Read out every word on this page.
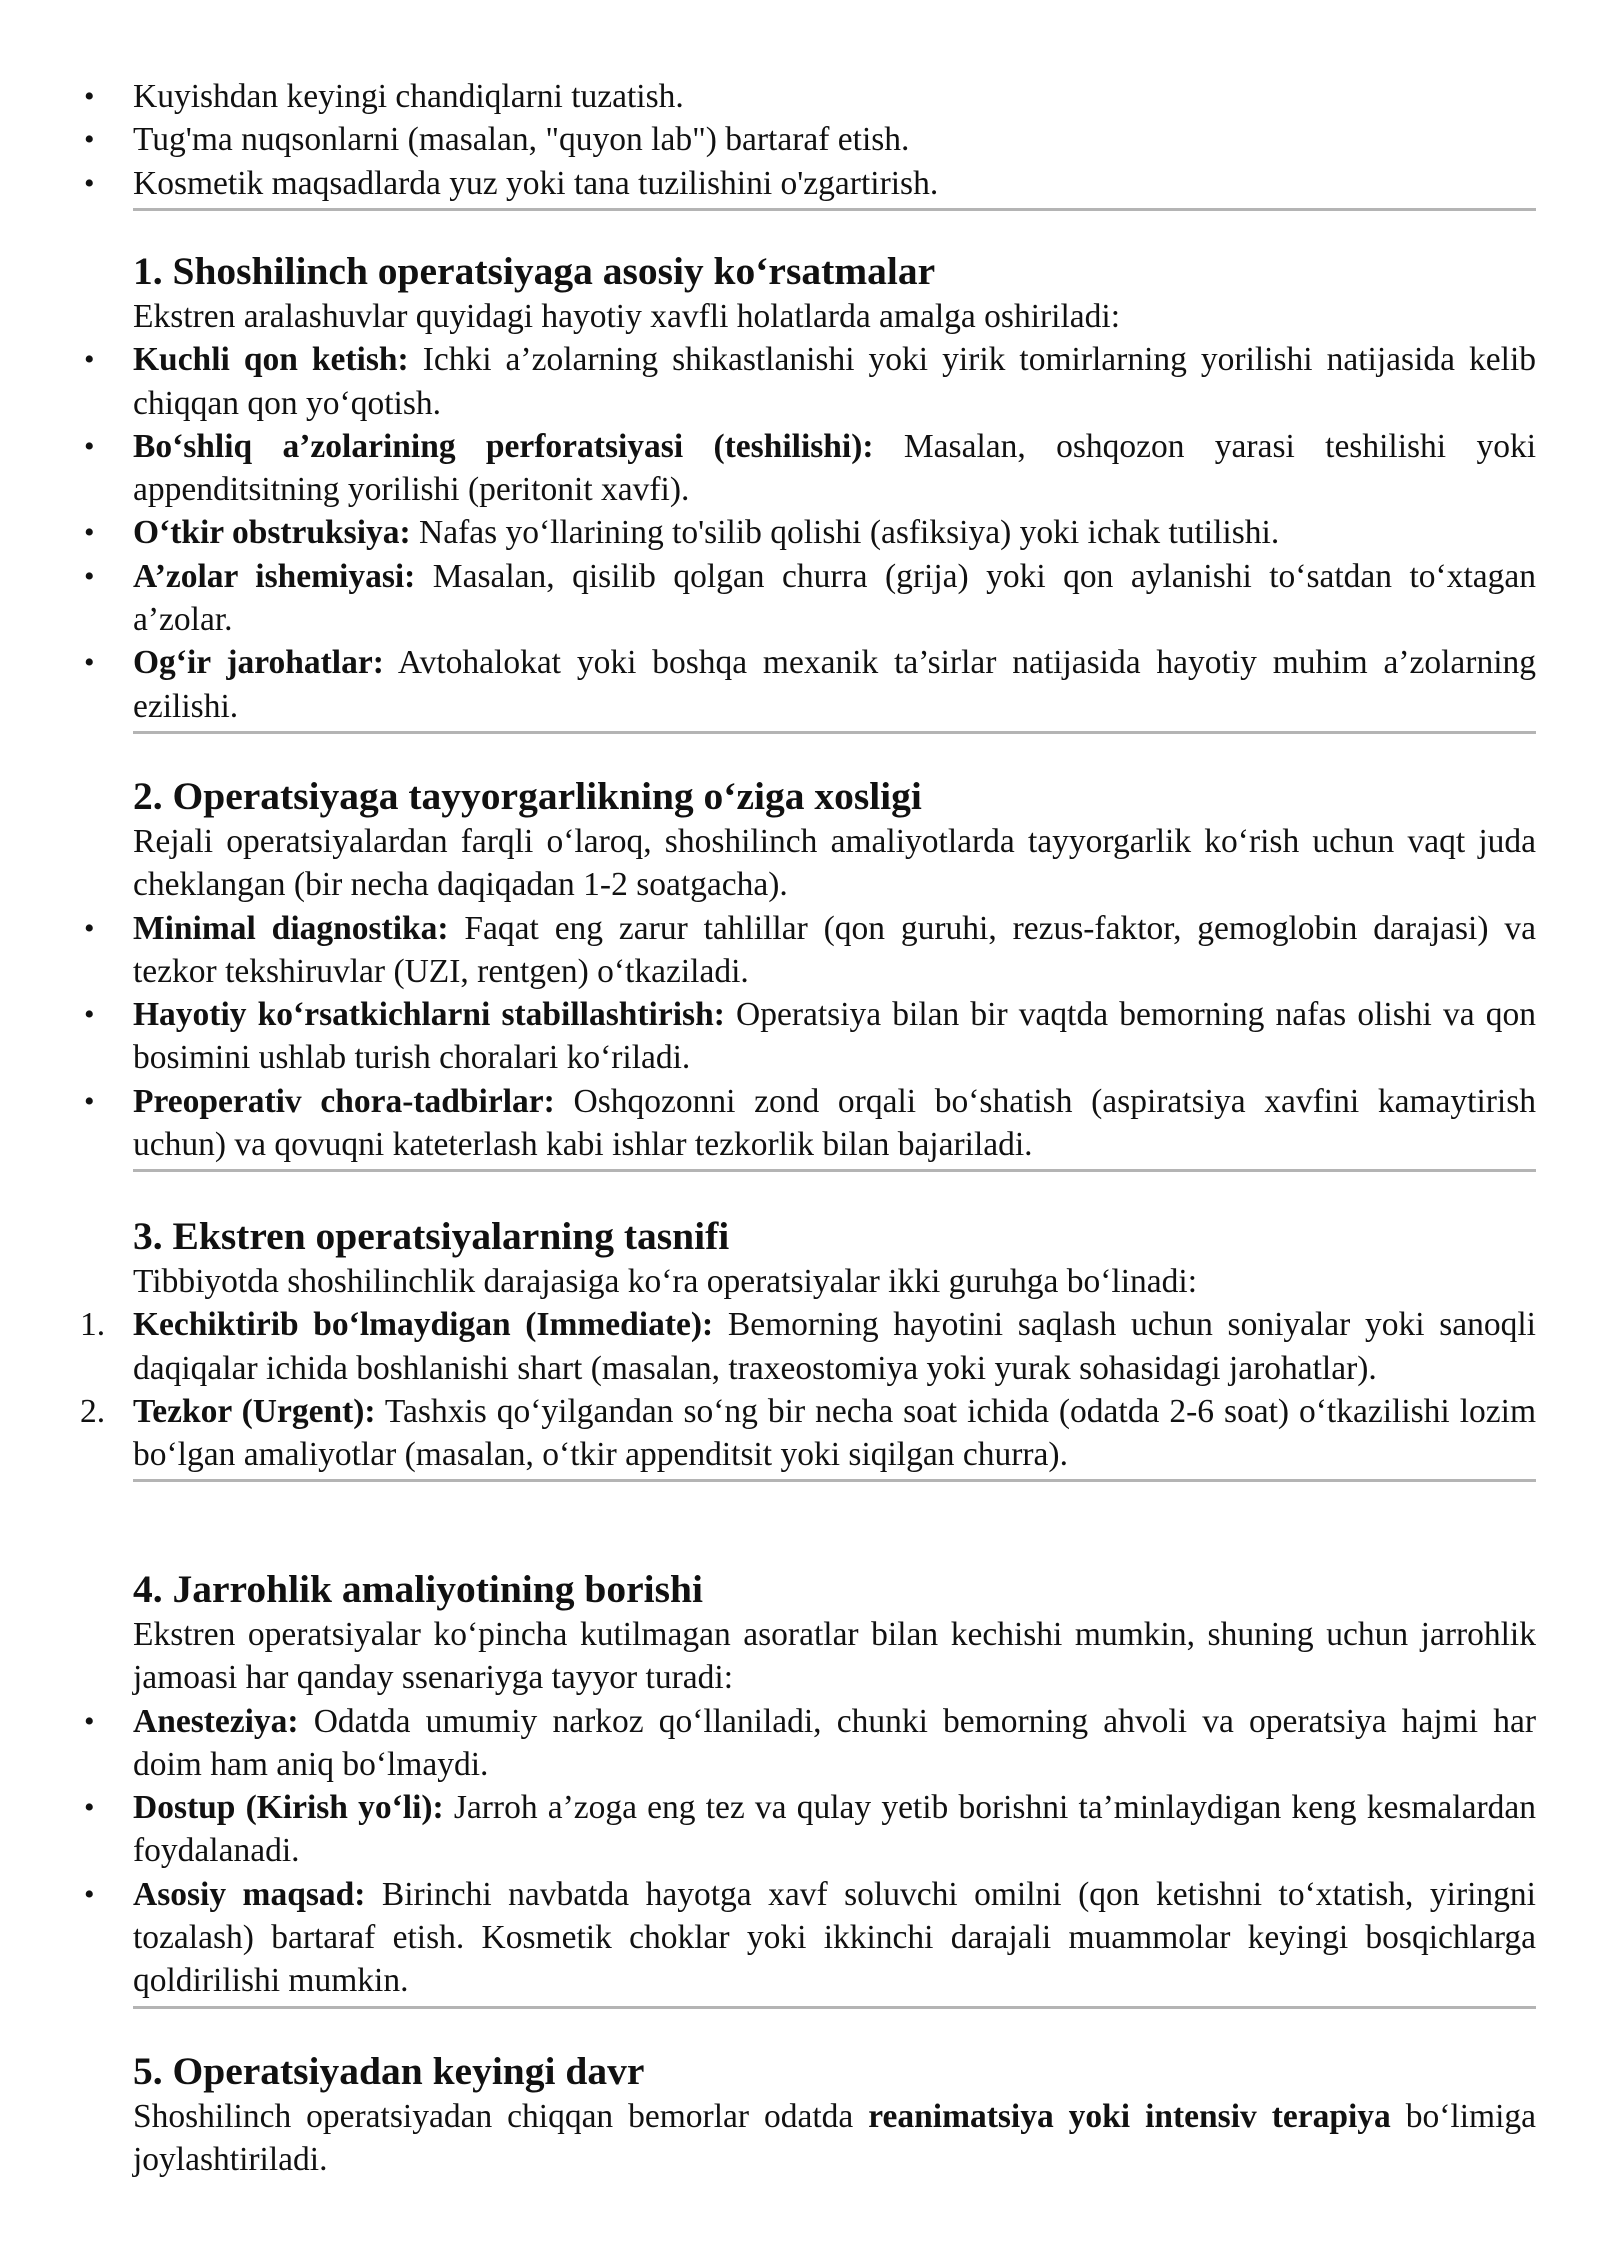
• Kuyishdan keyingi chandiqlarni tuzatish.
• Tug'ma nuqsonlarni (masalan, "quyon lab") bartaraf etish.
• Kosmetik maqsadlarda yuz yoki tana tuzilishini o'zgartirish.
1. Shoshilinch operatsiyaga asosiy ko‘rsatmalar

Ekstren aralashuvlar quyidagi hayotiy xavfli holatlarda amalga oshiriladi:

• Kuchli qon ketish: Ichki a’zolarning shikastlanishi yoki yirik tomirlarning yorilishi natijasida kelib chiqqan qon yo‘qotish.
• Bo‘shliq a’zolarining perforatsiyasi (teshilishi): Masalan, oshqozon yarasi teshilishi yoki appenditsitning yorilishi (peritonit xavfi).
• O‘tkir obstruksiya: Nafas yo‘llarining to'silib qolishi (asfiksiya) yoki ichak tutilishi.
• A’zolar ishemiyasi: Masalan, qisilib qolgan churra (grija) yoki qon aylanishi to‘satdan to‘xtagan a’zolar.
• Og‘ir jarohatlar: Avtohalokat yoki boshqa mexanik ta’sirlar natijasida hayotiy muhim a’zolarning ezilishi.
2. Operatsiyaga tayyorgarlikning o‘ziga xosligi

Rejali operatsiyalardan farqli o‘laroq, shoshilinch amaliyotlarda tayyorgarlik ko‘rish uchun vaqt juda cheklangan (bir necha daqiqadan 1-2 soatgacha).

• Minimal diagnostika: Faqat eng zarur tahlillar (qon guruhi, rezus-faktor, gemoglobin darajasi) va tezkor tekshiruvlar (UZI, rentgen) o‘tkaziladi.
• Hayotiy ko‘rsatkichlarni stabillashtirish: Operatsiya bilan bir vaqtda bemorning nafas olishi va qon bosimini ushlab turish choralari ko‘riladi.
• Preoperativ chora-tadbirlar: Oshqozonni zond orqali bo‘shatish (aspiratsiya xavfini kamaytirish uchun) va qovuqni kateterlash kabi ishlar tezkorlik bilan bajariladi.
3. Ekstren operatsiyalarning tasnifi

Tibbiyotda shoshilinchlik darajasiga ko‘ra operatsiyalar ikki guruhga bo‘linadi:

1. Kechiktirib bo‘lmaydigan (Immediate): Bemorning hayotini saqlash uchun soniyalar yoki sanoqli daqiqalar ichida boshlanishi shart (masalan, traxeostomiya yoki yurak sohasidagi jarohatlar).
2. Tezkor (Urgent): Tashxis qo‘yilgandan so‘ng bir necha soat ichida (odatda 2-6 soat) o‘tkazilishi lozim bo‘lgan amaliyotlar (masalan, o‘tkir appenditsit yoki siqilgan churra).
4. Jarrohlik amaliyotining borishi

Ekstren operatsiyalar ko‘pincha kutilmagan asoratlar bilan kechishi mumkin, shuning uchun jarrohlik jamoasi har qanday ssenariyga tayyor turadi:

• Anesteziya: Odatda umumiy narkoz qo‘llaniladi, chunki bemorning ahvoli va operatsiya hajmi har doim ham aniq bo‘lmaydi.
• Dostup (Kirish yo‘li): Jarroh a’zoga eng tez va qulay yetib borishni ta’minlaydigan keng kesmalardan foydalanadi.
• Asosiy maqsad: Birinchi navbatda hayotga xavf soluvchi omilni (qon ketishni to‘xtatish, yiringni tozalash) bartaraf etish. Kosmetik choklar yoki ikkinchi darajali muammolar keyingi bosqichlarga qoldirilishi mumkin.
5. Operatsiyadan keyingi davr

Shoshilinch operatsiyadan chiqqan bemorlar odatda reanimatsiya yoki intensiv terapiya bo‘limiga joylashtiriladi.
